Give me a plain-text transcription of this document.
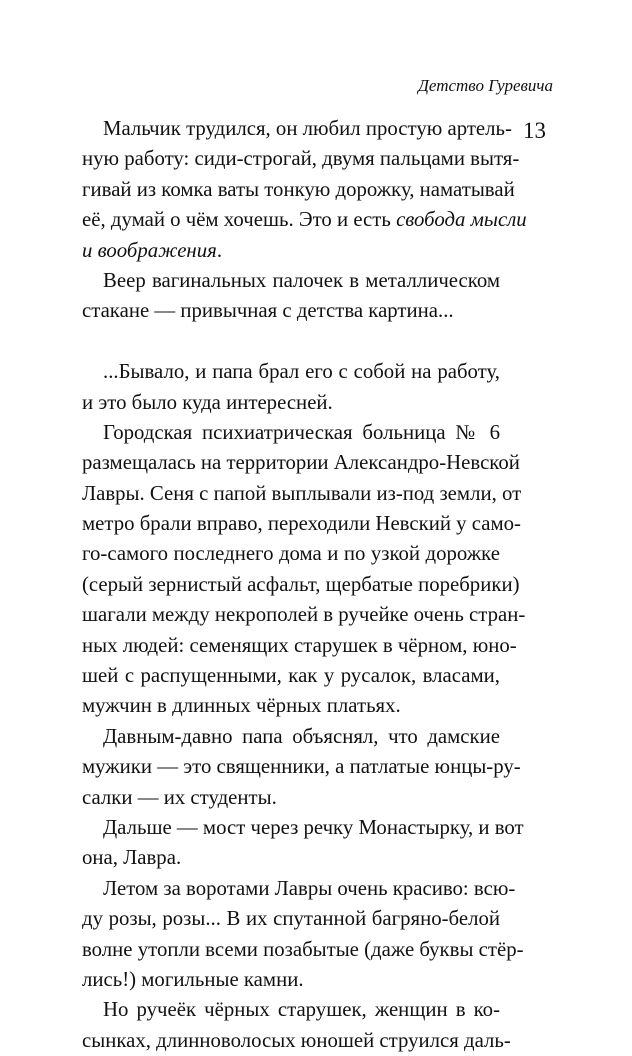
Детство Гуревича
13
Мальчик трудился, он любил простую артель-
ную работу: сиди-строгай, двумя пальцами вытя-
гивай из комка ваты тонкую дорожку, наматывай
её, думай о чём хочешь. Это и есть свобода мысли
и воображения.
Веер вагинальных палочек в металлическом
стакане — привычная с детства картина...
...Бывало, и папа брал его с собой на работу,
и это было куда интересней.
Городская психиатрическая больница № 6
размещалась на территории Александро-Невской
Лавры. Сеня с папой выплывали из-под земли, от
метро брали вправо, переходили Невский у само-
го-самого последнего дома и по узкой дорожке
(серый зернистый асфальт, щербатые поребрики)
шагали между некрополей в ручейке очень стран-
ных людей: семенящих старушек в чёрном, юно-
шей с распущенными, как у русалок, власами,
мужчин в длинных чёрных платьях.
Давным-давно папа объяснял, что дамские
мужики — это священники, а патлатые юнцы-ру-
салки — их студенты.
Дальше — мост через речку Монастырку, и вот
она, Лавра.
Летом за воротами Лавры очень красиво: всю-
ду розы, розы... В их спутанной багряно-белой
волне утопли всеми позабытые (даже буквы стёр-
лись!) могильные камни.
Но ручеёк чёрных старушек, женщин в ко-
сынках, длинноволосых юношей струился даль-
